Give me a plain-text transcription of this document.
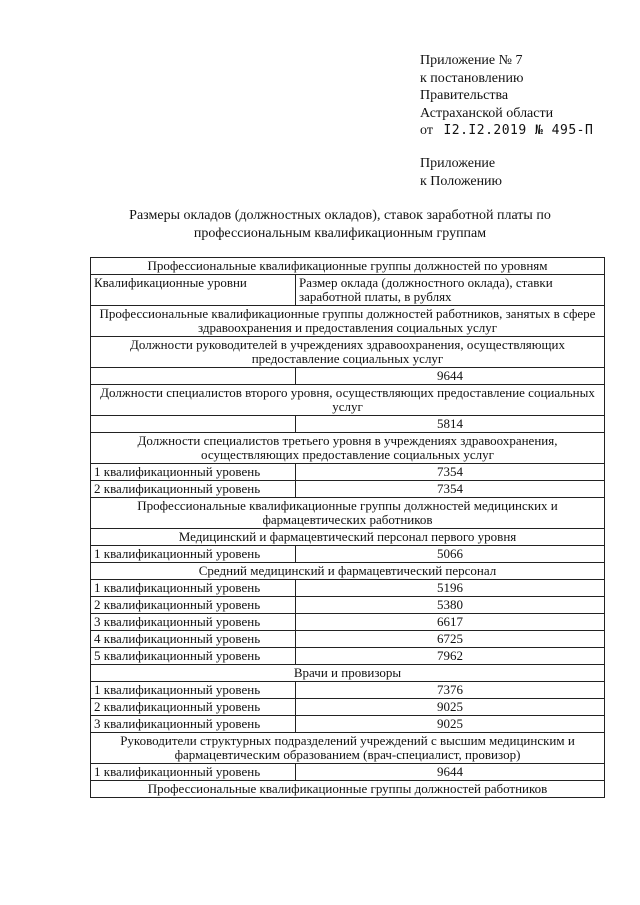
Приложение № 7
к постановлению
Правительства
Астраханской области
от I2.I2.2019 № 495-П
Приложение
к Положению
Размеры окладов (должностных окладов), ставок заработной платы по
профессиональным квалификационным группам
Профессиональные квалификационные группы должностей по уровням	
Квалификационные уровни	Размер оклада (должностного оклада), ставки заработной платы, в рублях
Профессиональные квалификационные группы должностей работников, занятых в сфере здравоохранения и предоставления социальных услуг	
Должности руководителей в учреждениях здравоохранения, осуществляющих предоставление социальных услуг	
	9644
Должности специалистов второго уровня, осуществляющих предоставление социальных услуг	
	5814
Должности специалистов третьего уровня в учреждениях здравоохранения, осуществляющих предоставление социальных услуг	
1 квалификационный уровень	7354
2 квалификационный уровень	7354
Профессиональные квалификационные группы должностей медицинских и фармацевтических работников	
Медицинский и фармацевтический персонал первого уровня	
1 квалификационный уровень	5066
Средний медицинский и фармацевтический персонал	
1 квалификационный уровень	5196
2 квалификационный уровень	5380
3 квалификационный уровень	6617
4 квалификационный уровень	6725
5 квалификационный уровень	7962
Врачи и провизоры	
1 квалификационный уровень	7376
2 квалификационный уровень	9025
3 квалификационный уровень	9025
Руководители структурных подразделений учреждений с высшим медицинским и фармацевтическим образованием (врач-специалист, провизор)	
1 квалификационный уровень	9644
Профессиональные квалификационные группы должностей работников	
